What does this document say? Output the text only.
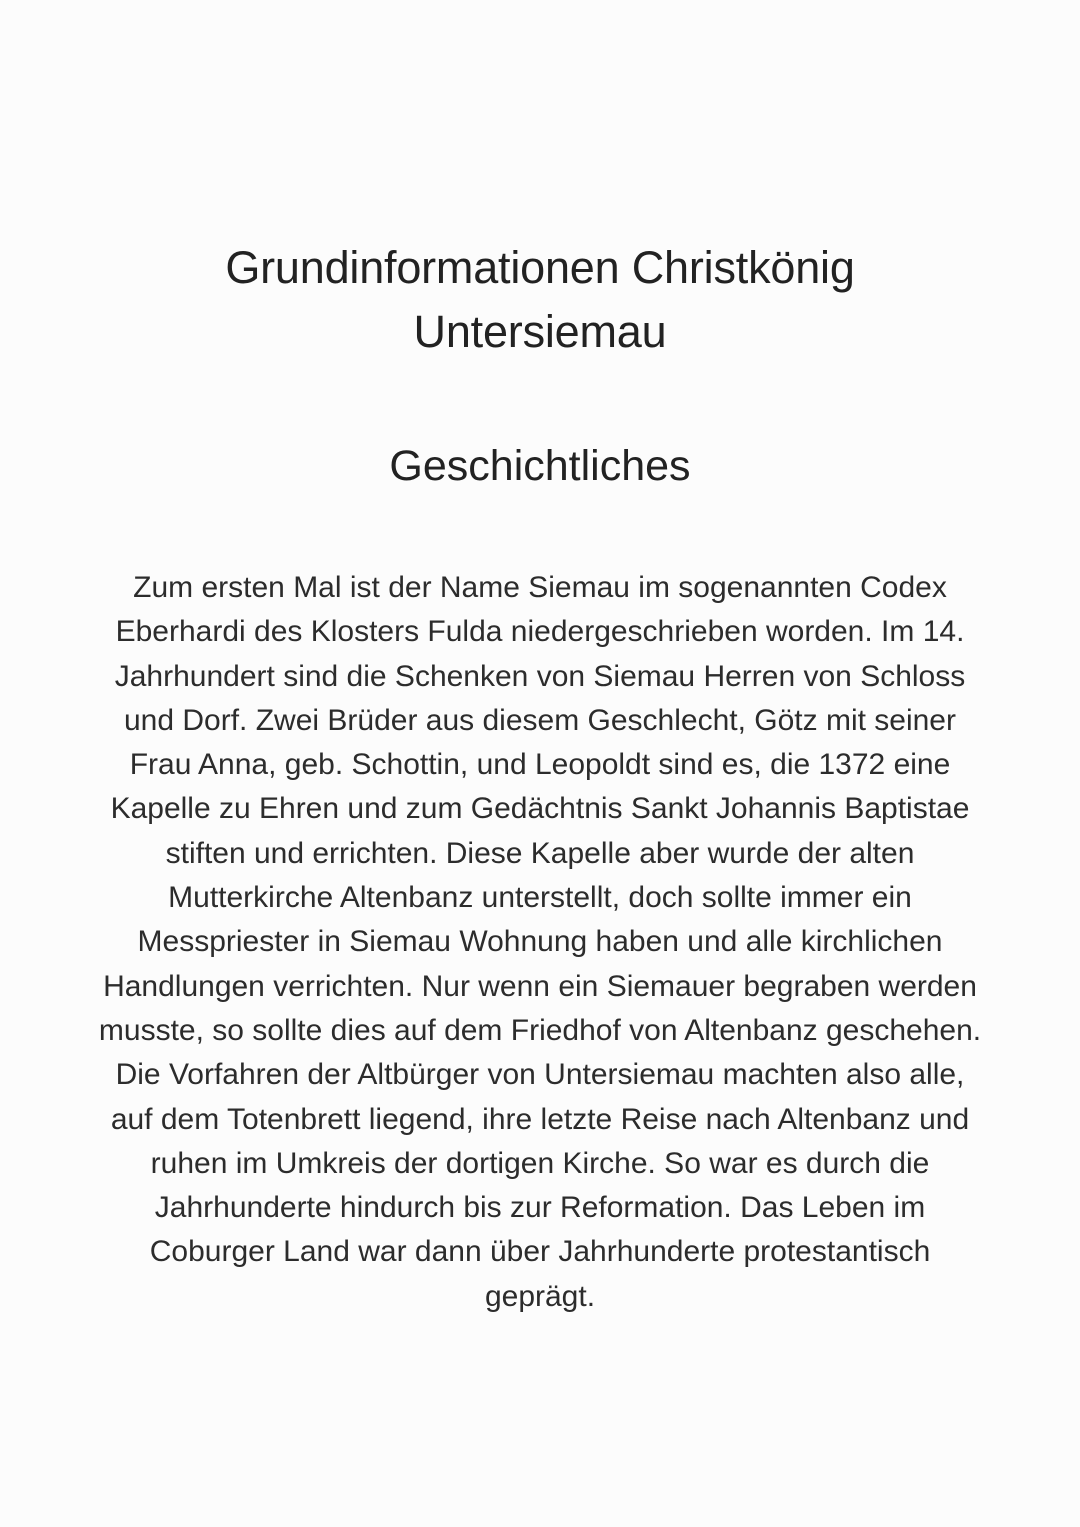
Grundinformationen Christkönig Untersiemau
Geschichtliches

Zum ersten Mal ist der Name Siemau im sogenannten Codex Eberhardi des Klosters Fulda niedergeschrieben worden. Im 14. Jahrhundert sind die Schenken von Siemau Herren von Schloss und Dorf. Zwei Brüder aus diesem Geschlecht, Götz mit seiner Frau Anna, geb. Schottin, und Leopoldt sind es, die 1372 eine Kapelle zu Ehren und zum Gedächtnis Sankt Johannis Baptistae stiften und errichten. Diese Kapelle aber wurde der alten Mutterkirche Altenbanz unterstellt, doch sollte immer ein Messpriester in Siemau Wohnung haben und alle kirchlichen Handlungen verrichten. Nur wenn ein Siemauer begraben werden musste, so sollte dies auf dem Friedhof von Altenbanz geschehen. Die Vorfahren der Altbürger von Untersiemau machten also alle, auf dem Totenbrett liegend, ihre letzte Reise nach Altenbanz und ruhen im Umkreis der dortigen Kirche. So war es durch die Jahrhunderte hindurch bis zur Reformation. Das Leben im Coburger Land war dann über Jahrhunderte protestantisch geprägt.
